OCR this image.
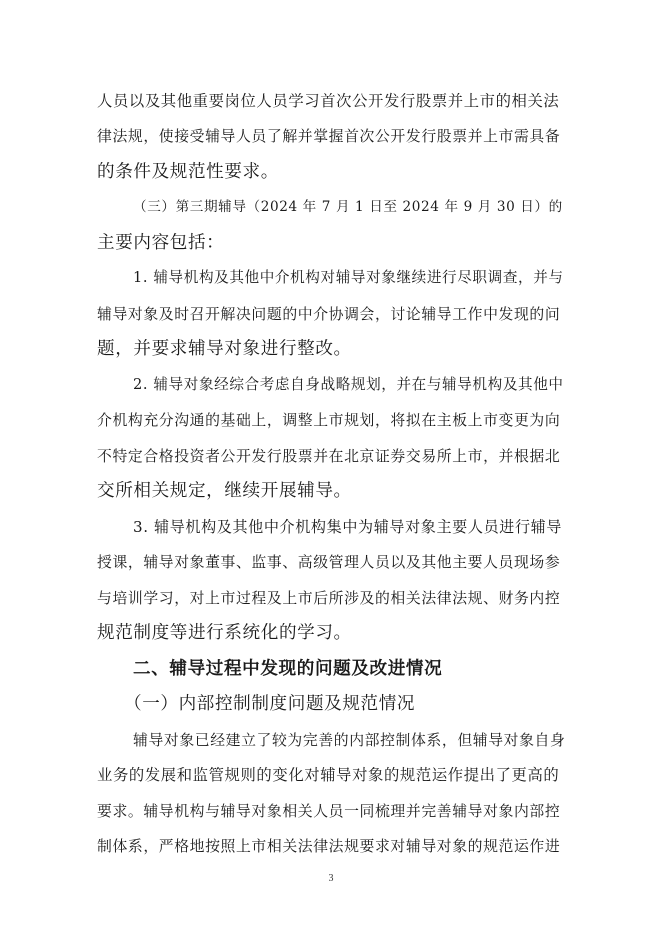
人员以及其他重要岗位人员学习首次公开发行股票并上市的相关法
律法规，使接受辅导人员了解并掌握首次公开发行股票并上市需具备
的条件及规范性要求。
（三）第三期辅导（2024 年 7 月 1 日至 2024 年 9 月 30 日）的
主要内容包括：
1. 辅导机构及其他中介机构对辅导对象继续进行尽职调查，并与
辅导对象及时召开解决问题的中介协调会，讨论辅导工作中发现的问
题，并要求辅导对象进行整改。
2. 辅导对象经综合考虑自身战略规划，并在与辅导机构及其他中
介机构充分沟通的基础上，调整上市规划，将拟在主板上市变更为向
不特定合格投资者公开发行股票并在北京证券交易所上市，并根据北
交所相关规定，继续开展辅导。
3. 辅导机构及其他中介机构集中为辅导对象主要人员进行辅导
授课，辅导对象董事、监事、高级管理人员以及其他主要人员现场参
与培训学习，对上市过程及上市后所涉及的相关法律法规、财务内控
规范制度等进行系统化的学习。
二、辅导过程中发现的问题及改进情况
（一）内部控制制度问题及规范情况
辅导对象已经建立了较为完善的内部控制体系，但辅导对象自身
业务的发展和监管规则的变化对辅导对象的规范运作提出了更高的
要求。辅导机构与辅导对象相关人员一同梳理并完善辅导对象内部控
制体系，严格地按照上市相关法律法规要求对辅导对象的规范运作进
3
